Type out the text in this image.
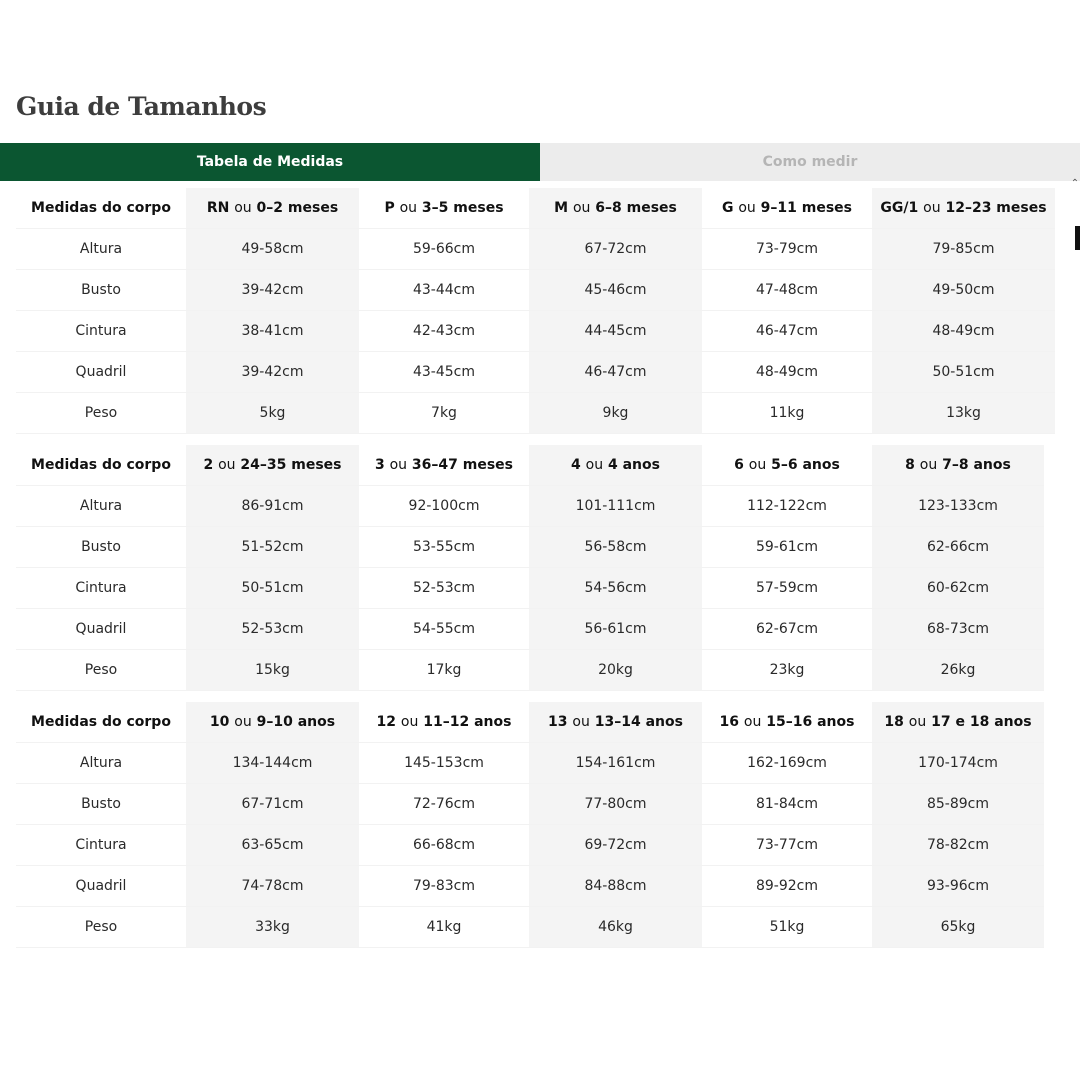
Guia de Tamanhos
Tabela de Medidas	Como medir
⌃
Medidas do corpo	RN ou 0–2 meses	P ou 3–5 meses	M ou 6–8 meses	G ou 9–11 meses	GG/1 ou 12–23 meses
Altura	49-58cm	59-66cm	67-72cm	73-79cm	79-85cm
Busto	39-42cm	43-44cm	45-46cm	47-48cm	49-50cm
Cintura	38-41cm	42-43cm	44-45cm	46-47cm	48-49cm
Quadril	39-42cm	43-45cm	46-47cm	48-49cm	50-51cm
Peso	5kg	7kg	9kg	11kg	13kg
Medidas do corpo	2 ou 24–35 meses	3 ou 36–47 meses	4 ou 4 anos	6 ou 5–6 anos	8 ou 7–8 anos
Altura	86-91cm	92-100cm	101-111cm	112-122cm	123-133cm
Busto	51-52cm	53-55cm	56-58cm	59-61cm	62-66cm
Cintura	50-51cm	52-53cm	54-56cm	57-59cm	60-62cm
Quadril	52-53cm	54-55cm	56-61cm	62-67cm	68-73cm
Peso	15kg	17kg	20kg	23kg	26kg
Medidas do corpo	10 ou 9–10 anos	12 ou 11–12 anos	13 ou 13–14 anos	16 ou 15–16 anos	18 ou 17 e 18 anos
Altura	134-144cm	145-153cm	154-161cm	162-169cm	170-174cm
Busto	67-71cm	72-76cm	77-80cm	81-84cm	85-89cm
Cintura	63-65cm	66-68cm	69-72cm	73-77cm	78-82cm
Quadril	74-78cm	79-83cm	84-88cm	89-92cm	93-96cm
Peso	33kg	41kg	46kg	51kg	65kg
